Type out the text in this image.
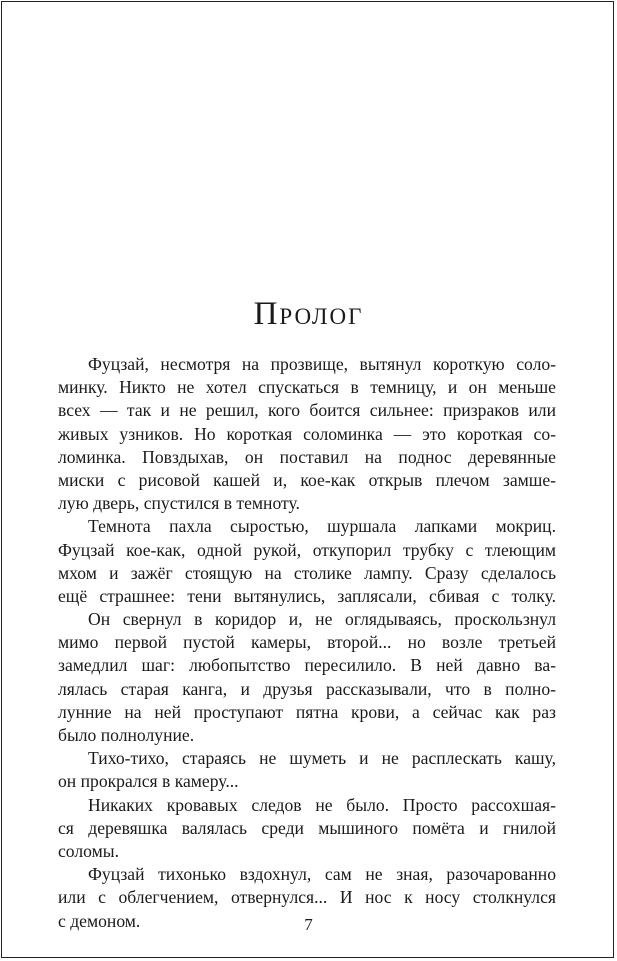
Пролог
Фуцзай, несмотря на прозвище, вытянул короткую соло-
минку. Никто не хотел спускаться в темницу, и он меньше
всех — так и не решил, кого боится сильнее: призраков или
живых узников. Но короткая соломинка — это короткая со-
ломинка. Повздыхав, он поставил на поднос деревянные
миски с рисовой кашей и, кое-как открыв плечом замше-
лую дверь, спустился в темноту.
Темнота пахла сыростью, шуршала лапками мокриц.
Фуцзай кое-как, одной рукой, откупорил трубку с тлеющим
мхом и зажёг стоящую на столике лампу. Сразу сделалось
ещё страшнее: тени вытянулись, заплясали, сбивая с толку.
Он свернул в коридор и, не оглядываясь, проскользнул
мимо первой пустой камеры, второй... но возле третьей
замедлил шаг: любопытство пересилило. В ней давно ва-
лялась старая канга, и друзья рассказывали, что в полно-
лунние на ней проступают пятна крови, а сейчас как раз
было полнолуние.
Тихо-тихо, стараясь не шуметь и не расплескать кашу,
он прокрался в камеру...
Никаких кровавых следов не было. Просто рассохшая-
ся деревяшка валялась среди мышиного помёта и гнилой
соломы.
Фуцзай тихонько вздохнул, сам не зная, разочарованно
или с облегчением, отвернулся... И нос к носу столкнулся
с демоном.	7
